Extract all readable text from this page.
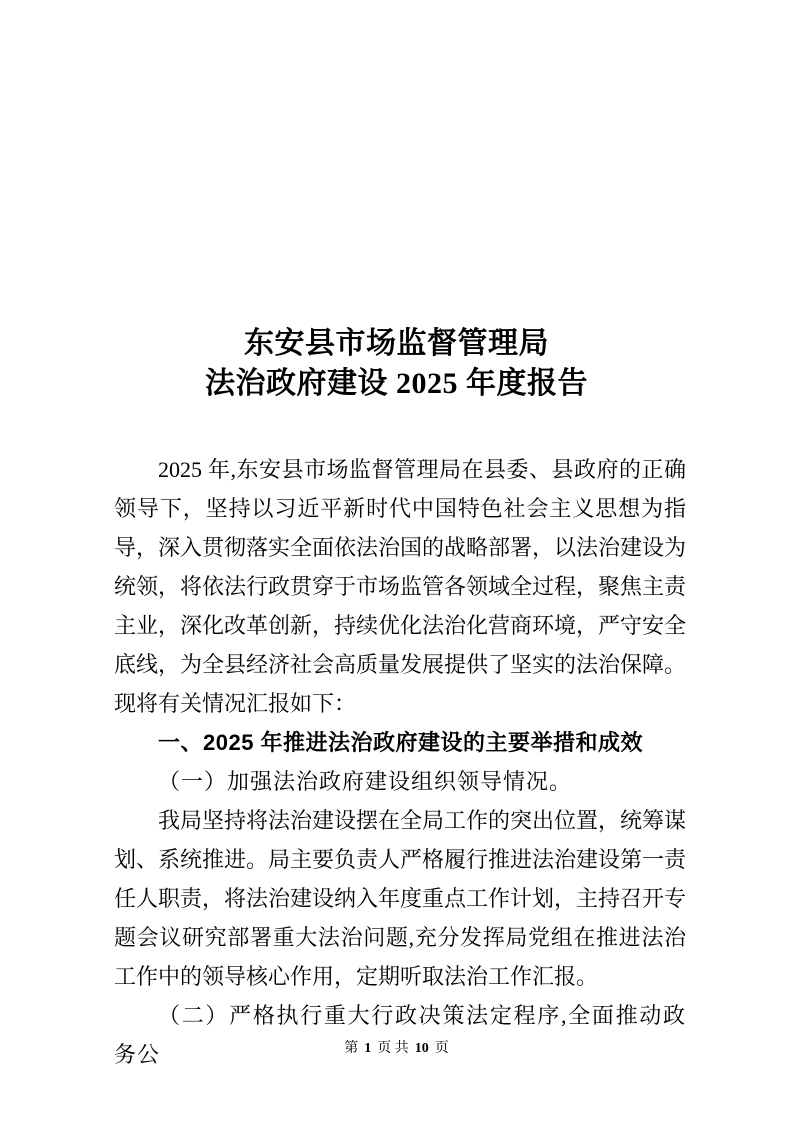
东安县市场监督管理局
法治政府建设 2025 年度报告

2025 年,东安县市场监督管理局在县委、县政府的正确领导下，坚持以习近平新时代中国特色社会主义思想为指导，深入贯彻落实全面依法治国的战略部署，以法治建设为统领，将依法行政贯穿于市场监管各领域全过程，聚焦主责主业，深化改革创新，持续优化法治化营商环境，严守安全底线，为全县经济社会高质量发展提供了坚实的法治保障。现将有关情况汇报如下：

一、2025 年推进法治政府建设的主要举措和成效
（一）加强法治政府建设组织领导情况。

我局坚持将法治建设摆在全局工作的突出位置，统筹谋划、系统推进。局主要负责人严格履行推进法治建设第一责任人职责，将法治建设纳入年度重点工作计划，主持召开专题会议研究部署重大法治问题,充分发挥局党组在推进法治工作中的领导核心作用，定期听取法治工作汇报。

（二）严格执行重大行政决策法定程序,全面推动政务公	第 1 页 共 10 页
